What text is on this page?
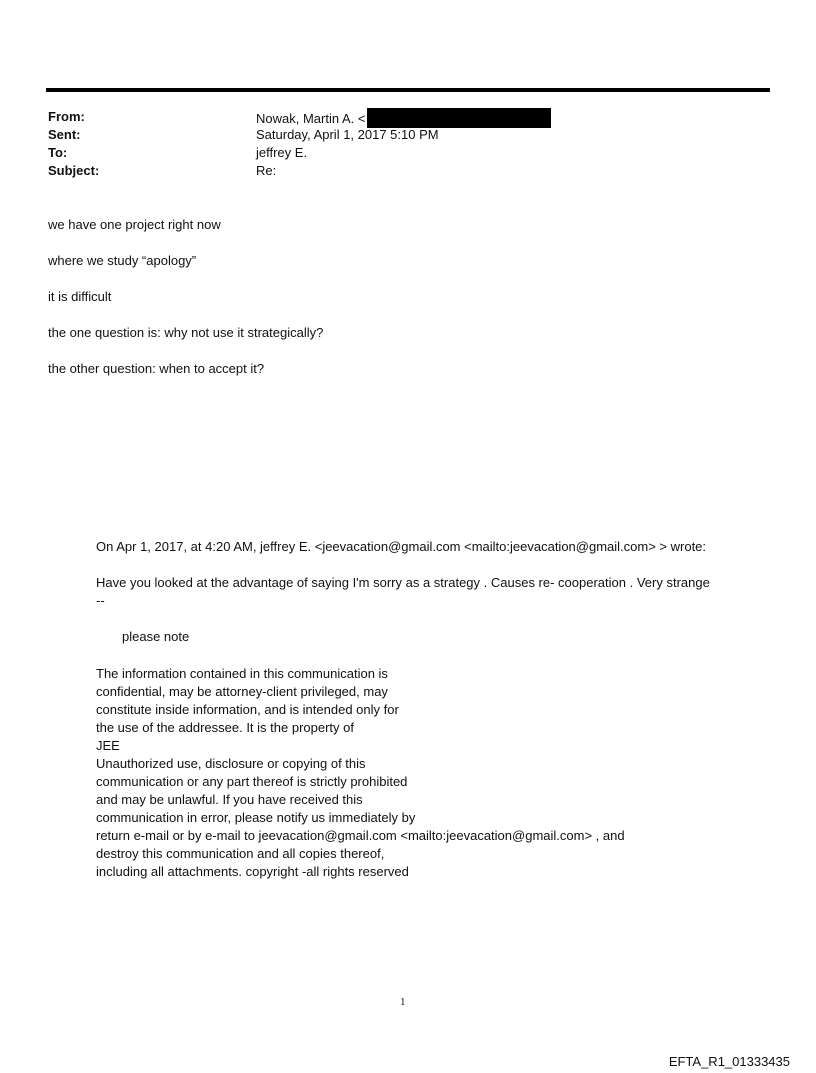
From:	Nowak, Martin A. <
Sent:	Saturday, April 1, 2017 5:10 PM
To:	jeffrey E.
Subject:	Re:
we have one project right now
where we study “apology”
it is difficult
the one question is: why not use it strategically?
the other question: when to accept it?
On Apr 1, 2017, at 4:20 AM, jeffrey E. <jeevacation@gmail.com <mailto:jeevacation@gmail.com> > wrote:
Have you looked at the advantage of saying I'm sorry as a strategy . Causes re- cooperation . Very strange
--
please note
The information contained in this communication is
confidential, may be attorney-client privileged, may
constitute inside information, and is intended only for
the use of the addressee. It is the property of
JEE
Unauthorized use, disclosure or copying of this
communication or any part thereof is strictly prohibited
and may be unlawful. If you have received this
communication in error, please notify us immediately by
return e-mail or by e-mail to jeevacation@gmail.com <mailto:jeevacation@gmail.com> , and
destroy this communication and all copies thereof,
including all attachments. copyright -all rights reserved
1
EFTA_R1_01333435
